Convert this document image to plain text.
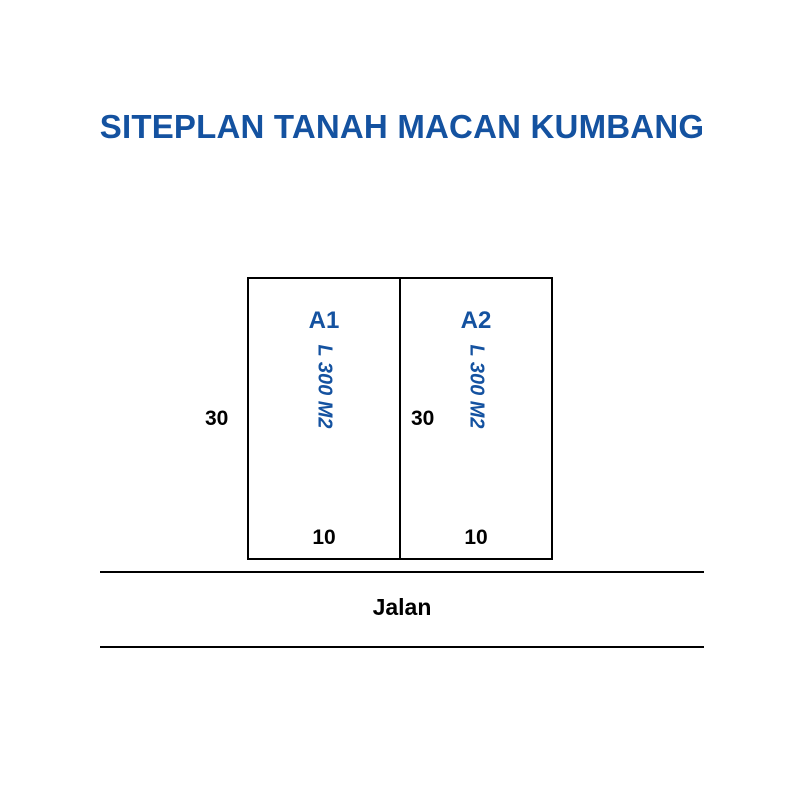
SITEPLAN TANAH MACAN KUMBANG
30
A1
L 300 M2
10
30
A2
L 300 M2
10
Jalan
